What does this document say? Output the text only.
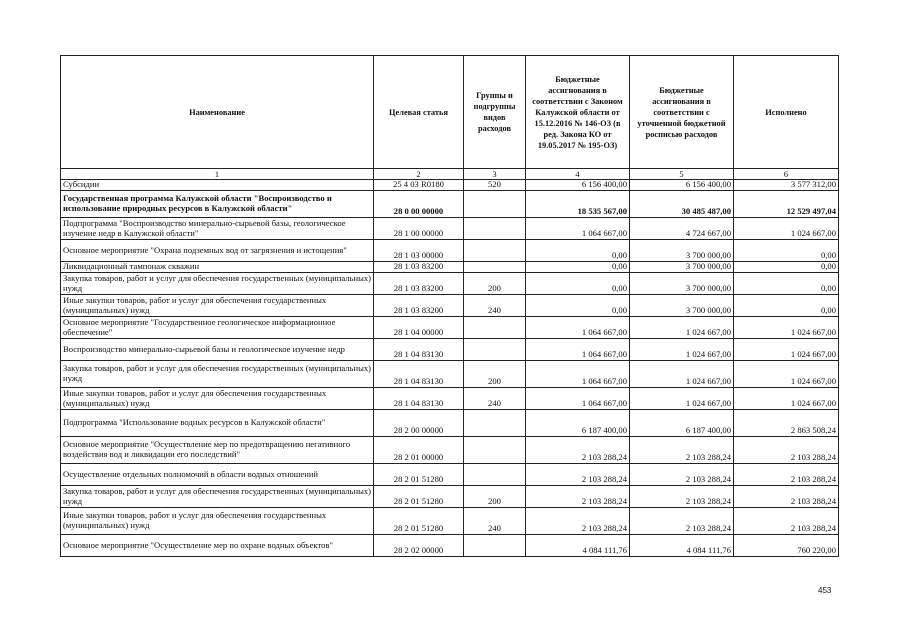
Наименование	Целевая статья	Группы и подгруппы видов расходов	Бюджетные ассигнования в соответствии с Законом Калужской области от 15.12.2016 № 146-ОЗ (в ред. Закона КО от 19.05.2017 № 195-ОЗ)	Бюджетные ассигнования в соответствии с уточненной бюджетной росписью расходов	Исполнено
1	2	3	4	5	6
Субсидии	25 4 03 R0180	520	6 156 400,00	6 156 400,00	3 577 312,00
Государственная программа Калужской области "Воспроизводство и использование природных ресурсов в Калужской области"	28 0 00 00000		18 535 567,00	30 485 487,00	12 529 497,04
Подпрограмма "Воспроизводство минерально-сырьевой базы, геологическое изучение недр в Калужской области"	28 1 00 00000		1 064 667,00	4 724 667,00	1 024 667,00
Основное мероприятие "Охрана подземных вод от загрязнения и истощения"	28 1 03 00000		0,00	3 700 000,00	0,00
Ликвидационный тампонаж скважин	28 1 03 83200		0,00	3 700 000,00	0,00
Закупка товаров, работ и услуг для обеспечения государственных (муниципальных) нужд	28 1 03 83200	200	0,00	3 700 000,00	0,00
Иные закупки товаров, работ и услуг для обеспечения государственных (муниципальных) нужд	28 1 03 83200	240	0,00	3 700 000,00	0,00
Основное мероприятие "Государственное геологическое информационное обеспечение"	28 1 04 00000		1 064 667,00	1 024 667,00	1 024 667,00
Воспроизводство минерально-сырьевой базы и геологическое изучение недр	28 1 04 83130		1 064 667,00	1 024 667,00	1 024 667,00
Закупка товаров, работ и услуг для обеспечения государственных (муниципальных) нужд	28 1 04 83130	200	1 064 667,00	1 024 667,00	1 024 667,00
Иные закупки товаров, работ и услуг для обеспечения государственных (муниципальных) нужд	28 1 04 83130	240	1 064 667,00	1 024 667,00	1 024 667,00
Подпрограмма "Использование водных ресурсов в Калужской области"	28 2 00 00000		6 187 400,00	6 187 400,00	2 863 508,24
Основное мероприятие "Осуществление мер по предотвращению негативного воздействия вод и ликвидации его последствий"	28 2 01 00000		2 103 288,24	2 103 288,24	2 103 288,24
Осуществление отдельных полномочий в области водных отношений	28 2 01 51280		2 103 288,24	2 103 288,24	2 103 288,24
Закупка товаров, работ и услуг для обеспечения государственных (муниципальных) нужд	28 2 01 51280	200	2 103 288,24	2 103 288,24	2 103 288,24
Иные закупки товаров, работ и услуг для обеспечения государственных (муниципальных) нужд	28 2 01 51280	240	2 103 288,24	2 103 288,24	2 103 288,24
Основное мероприятие "Осуществление мер по охране водных объектов"	28 2 02 00000		4 084 111,76	4 084 111,76	760 220,00
453
